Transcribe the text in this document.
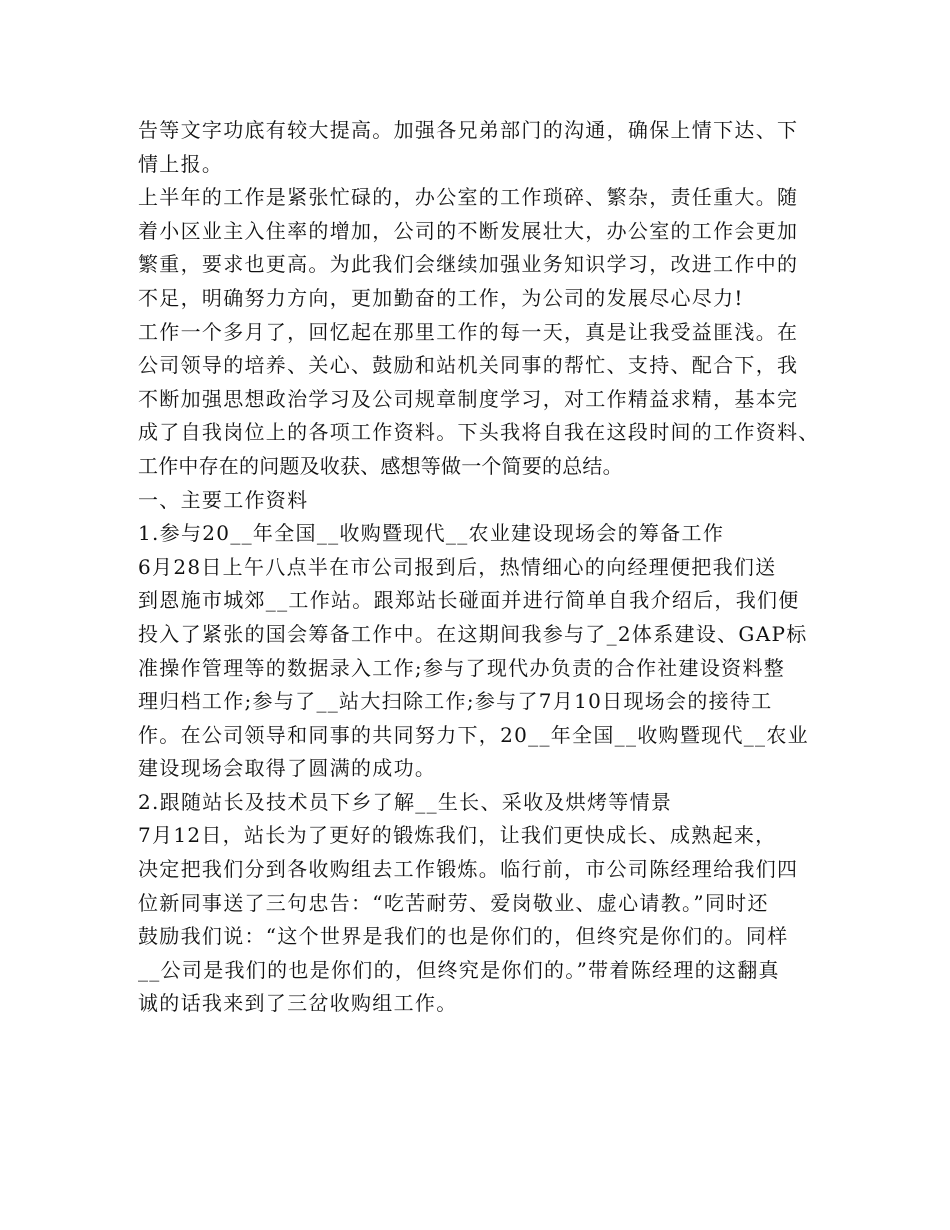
告等文字功底有较大提高。加强各兄弟部门的沟通，确保上情下达、下
情上报。
上半年的工作是紧张忙碌的，办公室的工作琐碎、繁杂，责任重大。随
着小区业主入住率的增加，公司的不断发展壮大，办公室的工作会更加
繁重，要求也更高。为此我们会继续加强业务知识学习，改进工作中的
不足，明确努力方向，更加勤奋的工作，为公司的发展尽心尽力!
工作一个多月了，回忆起在那里工作的每一天，真是让我受益匪浅。在
公司领导的培养、关心、鼓励和站机关同事的帮忙、支持、配合下，我
不断加强思想政治学习及公司规章制度学习，对工作精益求精，基本完
成了自我岗位上的各项工作资料。下头我将自我在这段时间的工作资料、
工作中存在的问题及收获、感想等做一个简要的总结。
一、主要工作资料
1.参与20__年全国__收购暨现代__农业建设现场会的筹备工作
6月28日上午八点半在市公司报到后，热情细心的向经理便把我们送
到恩施市城郊__工作站。跟郑站长碰面并进行简单自我介绍后，我们便
投入了紧张的国会筹备工作中。在这期间我参与了_2体系建设、GAP标
准操作管理等的数据录入工作;参与了现代办负责的合作社建设资料整
理归档工作;参与了__站大扫除工作;参与了7月10日现场会的接待工
作。在公司领导和同事的共同努力下，20__年全国__收购暨现代__农业
建设现场会取得了圆满的成功。
2.跟随站长及技术员下乡了解__生长、采收及烘烤等情景
7月12日，站长为了更好的锻炼我们，让我们更快成长、成熟起来，
决定把我们分到各收购组去工作锻炼。临行前，市公司陈经理给我们四
位新同事送了三句忠告：“吃苦耐劳、爱岗敬业、虚心请教。”同时还
鼓励我们说：“这个世界是我们的也是你们的，但终究是你们的。同样
__公司是我们的也是你们的，但终究是你们的。”带着陈经理的这翻真
诚的话我来到了三岔收购组工作。
